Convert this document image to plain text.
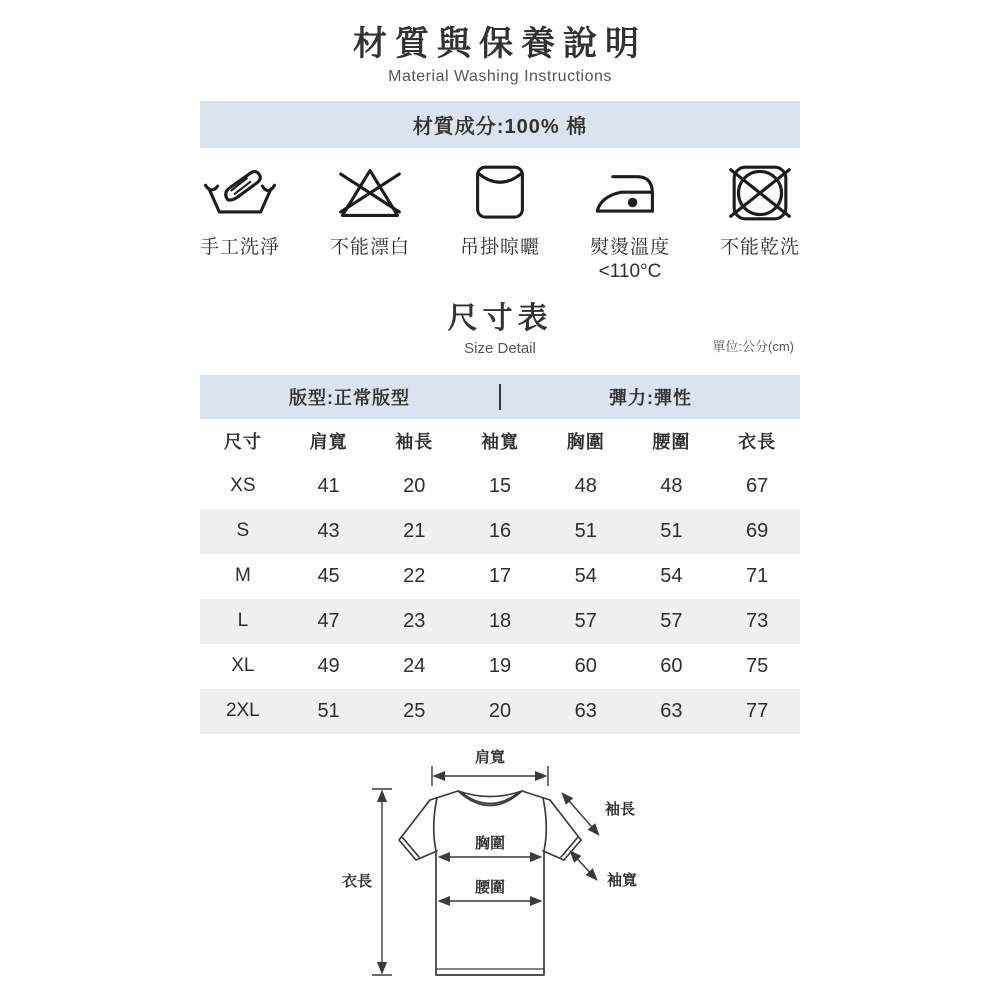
材質與保養說明
Material Washing Instructions
材質成分:100% 棉
手工洗淨	不能漂白	吊掛晾曬	熨燙溫度
<110°C
不能乾洗
尺寸表
Size Detail	單位:公分(cm)
版型:正常版型	彈力:彈性
尺寸	肩寬	袖長	袖寬	胸圍	腰圍	衣長
XS	41	20	15	48	48	67
S	43	21	16	51	51	69
M	45	22	17	54	54	71
L	47	23	18	57	57	73
XL	49	24	19	60	60	75
2XL	51	25	20	63	63	77
肩寬
衣長
胸圍
腰圍
袖長
袖寬
